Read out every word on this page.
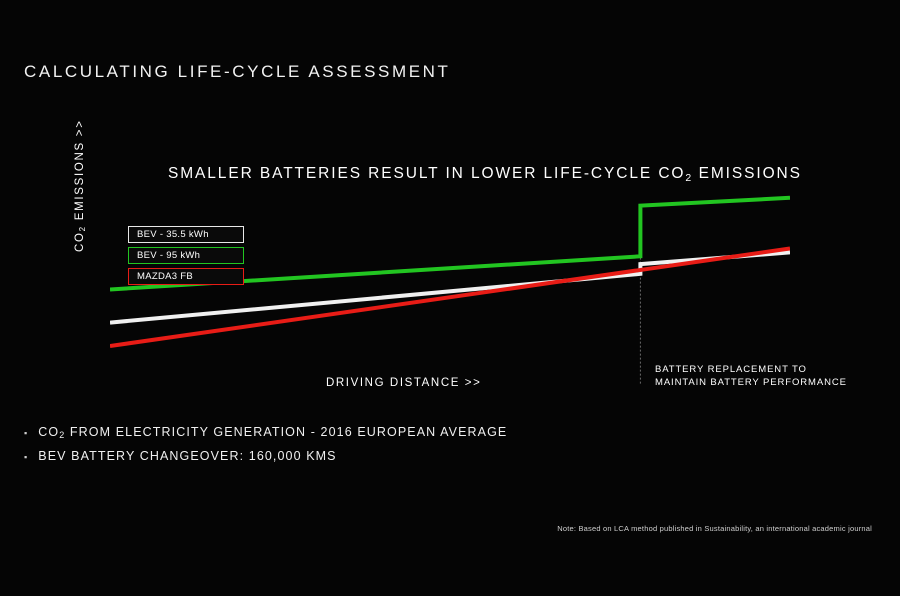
CALCULATING LIFE-CYCLE ASSESSMENT
SMALLER BATTERIES RESULT IN LOWER LIFE-CYCLE $CO_2$ EMISSIONS
$CO_2$ EMISSIONS >>
DRIVING DISTANCE >>
BEV - 35.5 kWh
BEV - 95 kWh
MAZDA3 FB
BATTERY REPLACEMENT TO
MAINTAIN BATTERY PERFORMANCE
▪ $CO_2$ FROM ELECTRICITY GENERATION - 2016 EUROPEAN AVERAGE
▪ BEV BATTERY CHANGEOVER: 160,000 KMS
Note: Based on LCA method published in Sustainability, an international academic journal
